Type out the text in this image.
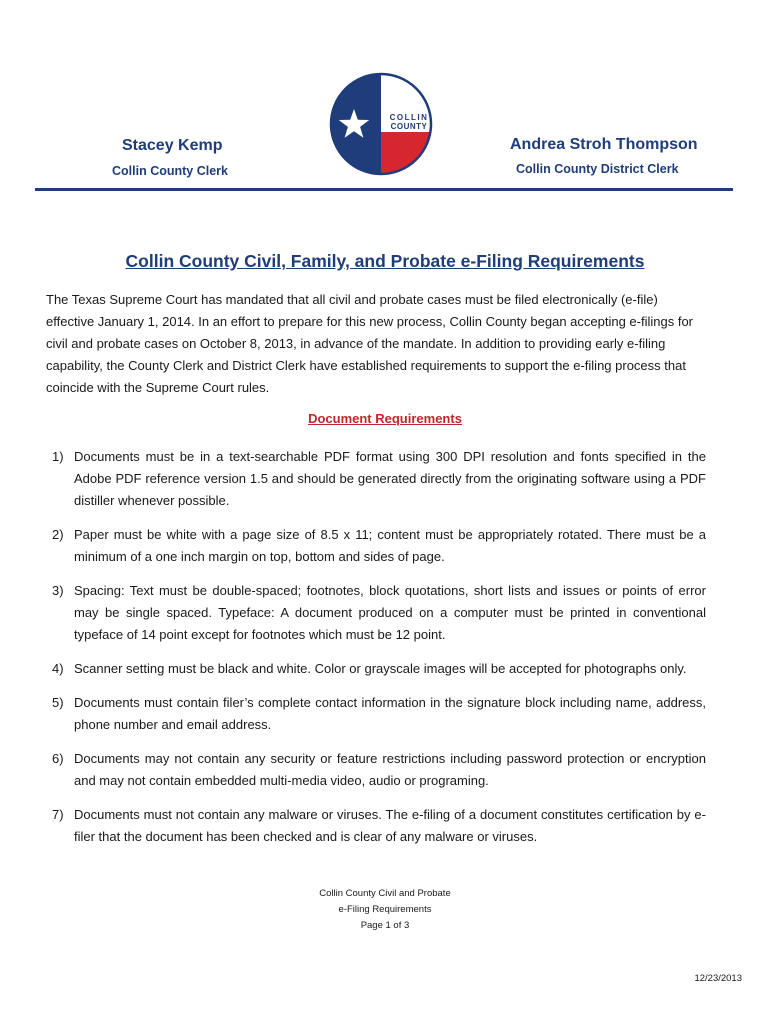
Stacey Kemp
Collin County Clerk
Andrea Stroh Thompson
Collin County District Clerk
COLLIN
COUNTY
Collin County Civil, Family, and Probate e-Filing Requirements
The Texas Supreme Court has mandated that all civil and probate cases must be filed electronically (e-file) effective January 1, 2014. In an effort to prepare for this new process, Collin County began accepting e-filings for civil and probate cases on October 8, 2013, in advance of the mandate. In addition to providing early e-filing capability, the County Clerk and District Clerk have established requirements to support the e-filing process that coincide with the Supreme Court rules.
Document Requirements
1) Documents must be in a text-searchable PDF format using 300 DPI resolution and fonts specified in the Adobe PDF reference version 1.5 and should be generated directly from the originating software using a PDF distiller whenever possible.
2) Paper must be white with a page size of 8.5 x 11; content must be appropriately rotated. There must be a minimum of a one inch margin on top, bottom and sides of page.
3) Spacing: Text must be double-spaced; footnotes, block quotations, short lists and issues or points of error may be single spaced. Typeface: A document produced on a computer must be printed in conventional typeface of 14 point except for footnotes which must be 12 point.
4) Scanner setting must be black and white. Color or grayscale images will be accepted for photographs only.
5) Documents must contain filer’s complete contact information in the signature block including name, address, phone number and email address.
6) Documents may not contain any security or feature restrictions including password protection or encryption and may not contain embedded multi-media video, audio or programing.
7) Documents must not contain any malware or viruses. The e-filing of a document constitutes certification by e-filer that the document has been checked and is clear of any malware or viruses.
Collin County Civil and Probate
e-Filing Requirements
Page 1 of 3
12/23/2013
